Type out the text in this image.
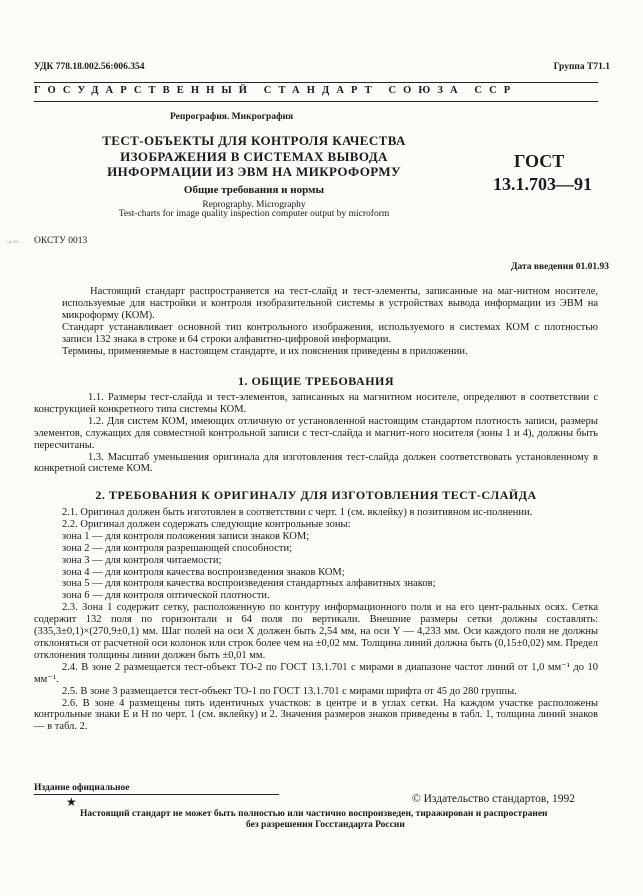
УДК 778.18.002.56:006.354	Группа Т71.1
ГОСУДАРСТВЕННЫЙ СТАНДАРТ СОЮЗА ССР
Репрография. Микрография
ТЕСТ-ОБЪЕКТЫ ДЛЯ КОНТРОЛЯ КАЧЕСТВА
ИЗОБРАЖЕНИЯ В СИСТЕМАХ ВЫВОДА
ИНФОРМАЦИИ ИЗ ЭВМ НА МИКРОФОРМУ
Общие требования и нормы
Reprography. Micrography
Test-charts for image quality inspection computer output by microform
ГОСТ
13.1.703—91
·«·¤· ОКСТУ 0013
Дата введения 01.01.93

Настоящий стандарт распространяется на тест-слайд и тест-элементы, записанные на маг-нитном носителе, используемые для настройки и контроля изобразительной системы в устройствах вывода информации из ЭВМ на микроформу (КОМ).

Стандарт устанавливает основной тип контрольного изображения, используемого в системах КОМ с плотностью записи 132 знака в строке и 64 строки алфавитно-цифровой информации.

Термины, применяемые в настоящем стандарте, и их пояснения приведены в приложении.

1. ОБЩИЕ ТРЕБОВАНИЯ

1.1. Размеры тест-слайда и тест-элементов, записанных на магнитном носителе, определяют в соответствии с конструкцией конкретного типа системы КОМ.

1.2. Для систем КОМ, имеющих отличную от установленной настоящим стандартом плотность записи, размеры элементов, служащих для совместной контрольной записи с тест-слайда и магнит-ного носителя (зоны 1 и 4), должны быть пересчитаны.

1.3. Масштаб уменьшения оригинала для изготовления тест-слайда должен соответствовать установленному в конкретной системе КОМ.

2. ТРЕБОВАНИЯ К ОРИГИНАЛУ ДЛЯ ИЗГОТОВЛЕНИЯ ТЕСТ-СЛАЙДА

2.1. Оригинал должен быть изготовлен в соответствии с черт. 1 (см. вклейку) в позитивном ис-полнении.

2.2. Оригинал должен содержать следующие контрольные зоны:

зона 1 — для контроля положения записи знаков КОМ;

зона 2 — для контроля разрешающей способности;

зона 3 — для контроля читаемости;

зона 4 — для контроля качества воспроизведения знаков КОМ;

зона 5 — для контроля качества воспроизведения стандартных алфавитных знаков;

зона 6 — для контроля оптической плотности.

2.3. Зона 1 содержит сетку, расположенную по контуру информационного поля и на его цент-ральных осях. Сетка содержит 132 поля по горизонтали и 64 поля по вертикали. Внешние размеры сетки должны составлять: (335,3±0,1)×(270,9±0,1) мм. Шаг полей на оси X должен быть 2,54 мм, на оси Y — 4,233 мм. Оси каждого поля не должны отклоняться от расчетной оси колонок или строк более чем на ±0,02 мм. Толщина линий должна быть (0,15±0,02) мм. Предел отклонения толщины линии должен быть ±0,01 мм.

2.4. В зоне 2 размещается тест-объект ТО-2 по ГОСТ 13.1.701 с мирами в диапазоне частот линий от 1,0 мм⁻¹ до 10 мм⁻¹.

2.5. В зоне 3 размещается тест-объект ТО-1 по ГОСТ 13.1.701 с мирами шрифта от 45 до 280 группы.

2.6. В зоне 4 размещены пять идентичных участков: в центре и в углах сетки. На каждом участке расположены контрольные знаки Е и Н по черт. 1 (см. вклейку) и 2. Значения размеров знаков приведены в табл. 1, толщина линий знаков — в табл. 2.

Издание официальное
★	© Издательство стандартов, 1992
Настоящий стандарт не может быть полностью или частично воспроизведен, тиражирован и распространен
без разрешения Госстандарта России
